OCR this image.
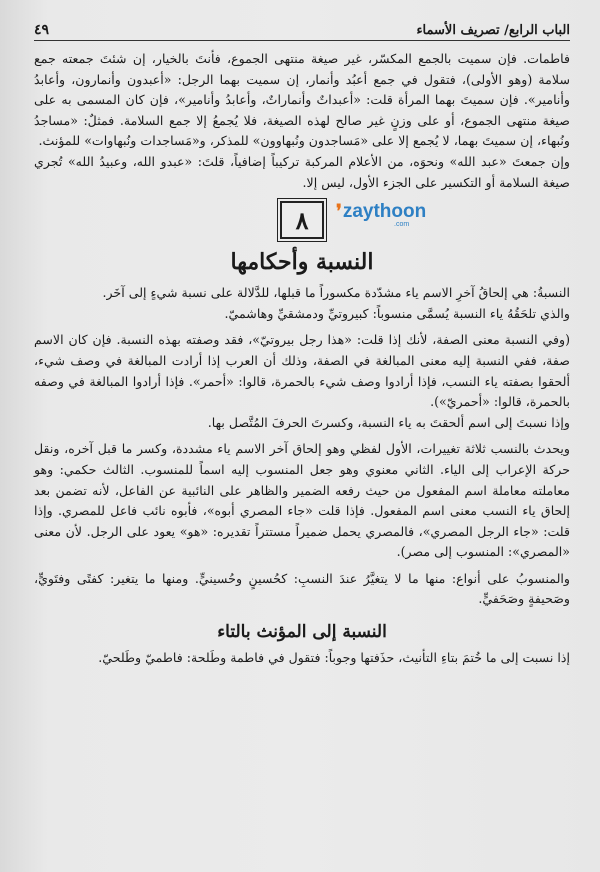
الباب الرابع/ تصريف الأسماء
٤٩

فاطمات. فإن سميت بالجمع المكسّر، غير صيغة منتهى الجموع، فأنتَ بالخيار، إن شئتَ جمعته جمع سلامة (وهو الأولى)، فتقول في جمع أعبُد وأنمار، إن سميت بهما الرجل: «أعبدون وأنمارون، وأعابدُ وأنامير». فإن سميتَ بهما المرأة قلت: «أعبداتٌ وأنماراتٌ، وأعابدُ وأنامير»، فإن كان المسمى به على صيغة منتهى الجموع، أو على وزنٍ غير صالح لهذه الصيغة، فلا يُجمعُ إلا جمع السلامة. فمثلٌ: «مساجدُ ونُبهاء، إن سميتَ بهما، لا يُجمع إلا على «مَساجدون ونُبهاوون» للمذكر، و«مَساجدات ونُبهاوات» للمؤنث.

وإن جمعتَ «عبد الله» ونحوَه، من الأعلام المركبة تركيباً إضافياً، قلتَ: «عبدو الله، وعبيدُ الله» تُجري صيغة السلامة أو التكسير على الجزء الأول، ليس إلا.

٨	❜ zaythoon
.com
النسبة وأحكامها

النسبةُ: هي إلحاقُ آخرِ الاسم ياء مشدّدة مكسوراً ما قبلها، للدَّلالة على نسبة شيءٍ إلى آخَر.

والذي تلحَقُهُ ياء النسبة يُسمَّى منسوباً: كبيروتيِّ ودمشقيِّ وهاشميّ.

(وفي النسبة معنى الصفة، لأنك إذا قلت: «هذا رجل بيروتيّ»، فقد وصفته بهذه النسبة. فإن كان الاسم صفة، ففي النسبة إليه معنى المبالغة في الصفة، وذلك أن العرب إذا أرادت المبالغة في وصف شيء، ألحقوا بصفته ياء النسب، فإذا أرادوا وصف شيء بالحمرة، قالوا: «أحمر». فإذا أرادوا المبالغة في وصفه بالحمرة، قالوا: «أحمريّ»).

وإذا نسبتَ إلى اسم ألحقتَ به ياء النسبة، وكسرتَ الحرفَ المُتَّصل بها.

ويحدث بالنسب ثلاثة تغييرات، الأول لفظي وهو إلحاق آخر الاسم ياء مشددة، وكسر ما قبل آخره، ونقل حركة الإعراب إلى الياء. الثاني معنوي وهو جعل المنسوب إليه اسماً للمنسوب. الثالث حكمي: وهو معاملته معاملة اسم المفعول من حيث رفعه الضمير والظاهر على النائبية عن الفاعل، لأنه تضمن بعد إلحاق ياء النسب معنى اسم المفعول. فإذا قلت «جاء المصري أبوه»، فأبوه نائب فاعل للمصري. وإذا قلت: «جاء الرجل المصري»، فالمصري يحمل ضميراً مستتراً تقديره: «هو» يعود على الرجل. لأن معنى «المصري»: المنسوب إلى مصر).

والمنسوبُ على أنواع: منها ما لا يتغيَّرُ عندَ النسبِ: كحُسينٍ وحُسينيٍّ. ومنها ما يتغير: كفتًى وفتَويٍّ، وصَحيفةٍ وصَحَفيٍّ.

النسبة إلى المؤنث بالتاء

إذا نسبت إلى ما خُتمَ بتاءِ التأنيث، حذَفتها وجوباً: فتقول في فاطمة وطَلحة: فاطميّ وطَلحيّ.
